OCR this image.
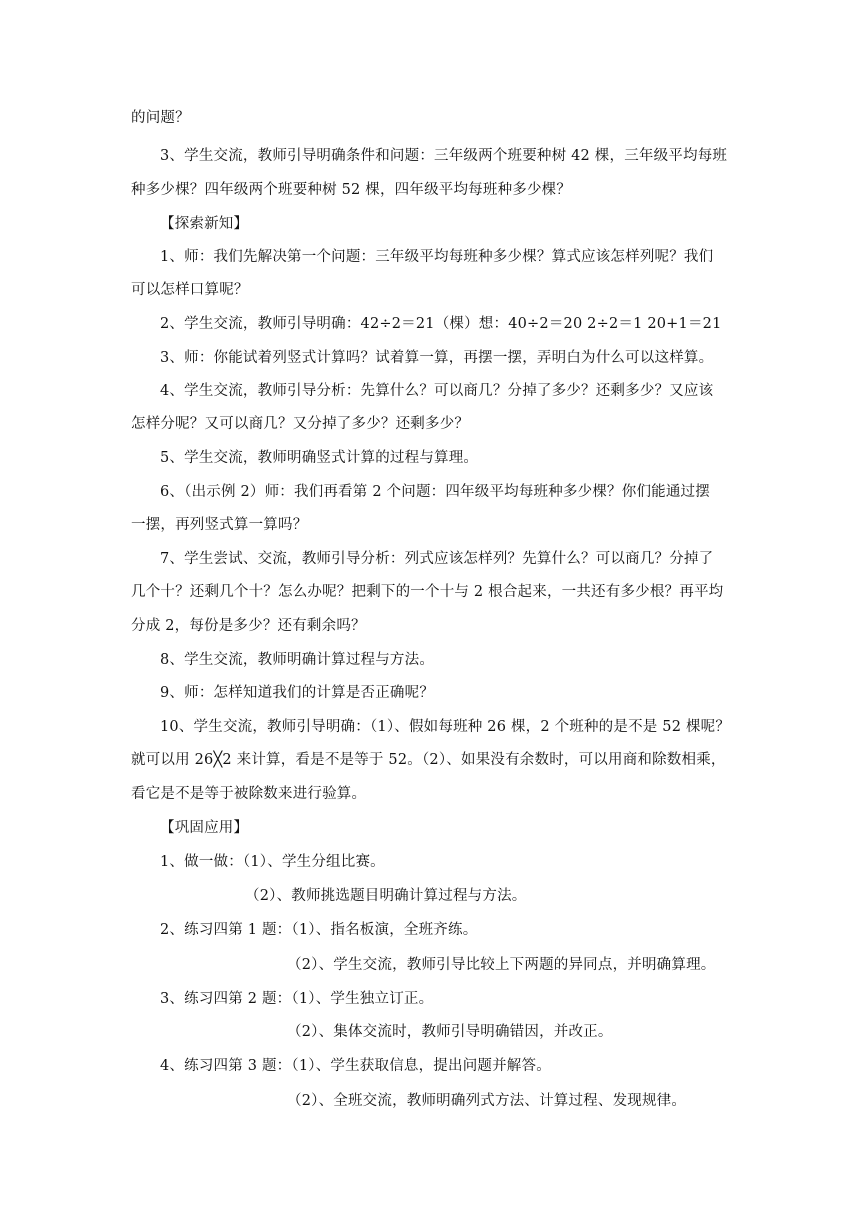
的问题？
3、学生交流，教师引导明确条件和问题：三年级两个班要种树 42 棵，三年级平均每班
种多少棵？四年级两个班要种树 52 棵，四年级平均每班种多少棵？
【探索新知】
1、师：我们先解决第一个问题：三年级平均每班种多少棵？算式应该怎样列呢？我们
可以怎样口算呢？
2、学生交流，教师引导明确：42÷2＝21（棵）想：40÷2＝20 2÷2＝1 20+1＝21
3、师：你能试着列竖式计算吗？试着算一算，再摆一摆，弄明白为什么可以这样算。
4、学生交流，教师引导分析：先算什么？可以商几？分掉了多少？还剩多少？又应该
怎样分呢？又可以商几？又分掉了多少？还剩多少？
5、学生交流，教师明确竖式计算的过程与算理。
6、（出示例 2）师：我们再看第 2 个问题：四年级平均每班种多少棵？你们能通过摆
一摆，再列竖式算一算吗？
7、学生尝试、交流，教师引导分析：列式应该怎样列？先算什么？可以商几？分掉了
几个十？还剩几个十？怎么办呢？把剩下的一个十与 2 根合起来，一共还有多少根？再平均
分成 2，每份是多少？还有剩余吗？
8、学生交流，教师明确计算过程与方法。
9、师：怎样知道我们的计算是否正确呢？
10、学生交流，教师引导明确：（1）、假如每班种 26 棵，2 个班种的是不是 52 棵呢？
就可以用 26╳2 来计算，看是不是等于 52。（2）、如果没有余数时，可以用商和除数相乘，
看它是不是等于被除数来进行验算。
【巩固应用】
1、做一做：（1）、学生分组比赛。
（2）、教师挑选题目明确计算过程与方法。
2、练习四第 1 题：（1）、指名板演，全班齐练。
（2）、学生交流，教师引导比较上下两题的异同点，并明确算理。
3、练习四第 2 题：（1）、学生独立订正。
（2）、集体交流时，教师引导明确错因，并改正。
4、练习四第 3 题：（1）、学生获取信息，提出问题并解答。
（2）、全班交流，教师明确列式方法、计算过程、发现规律。
